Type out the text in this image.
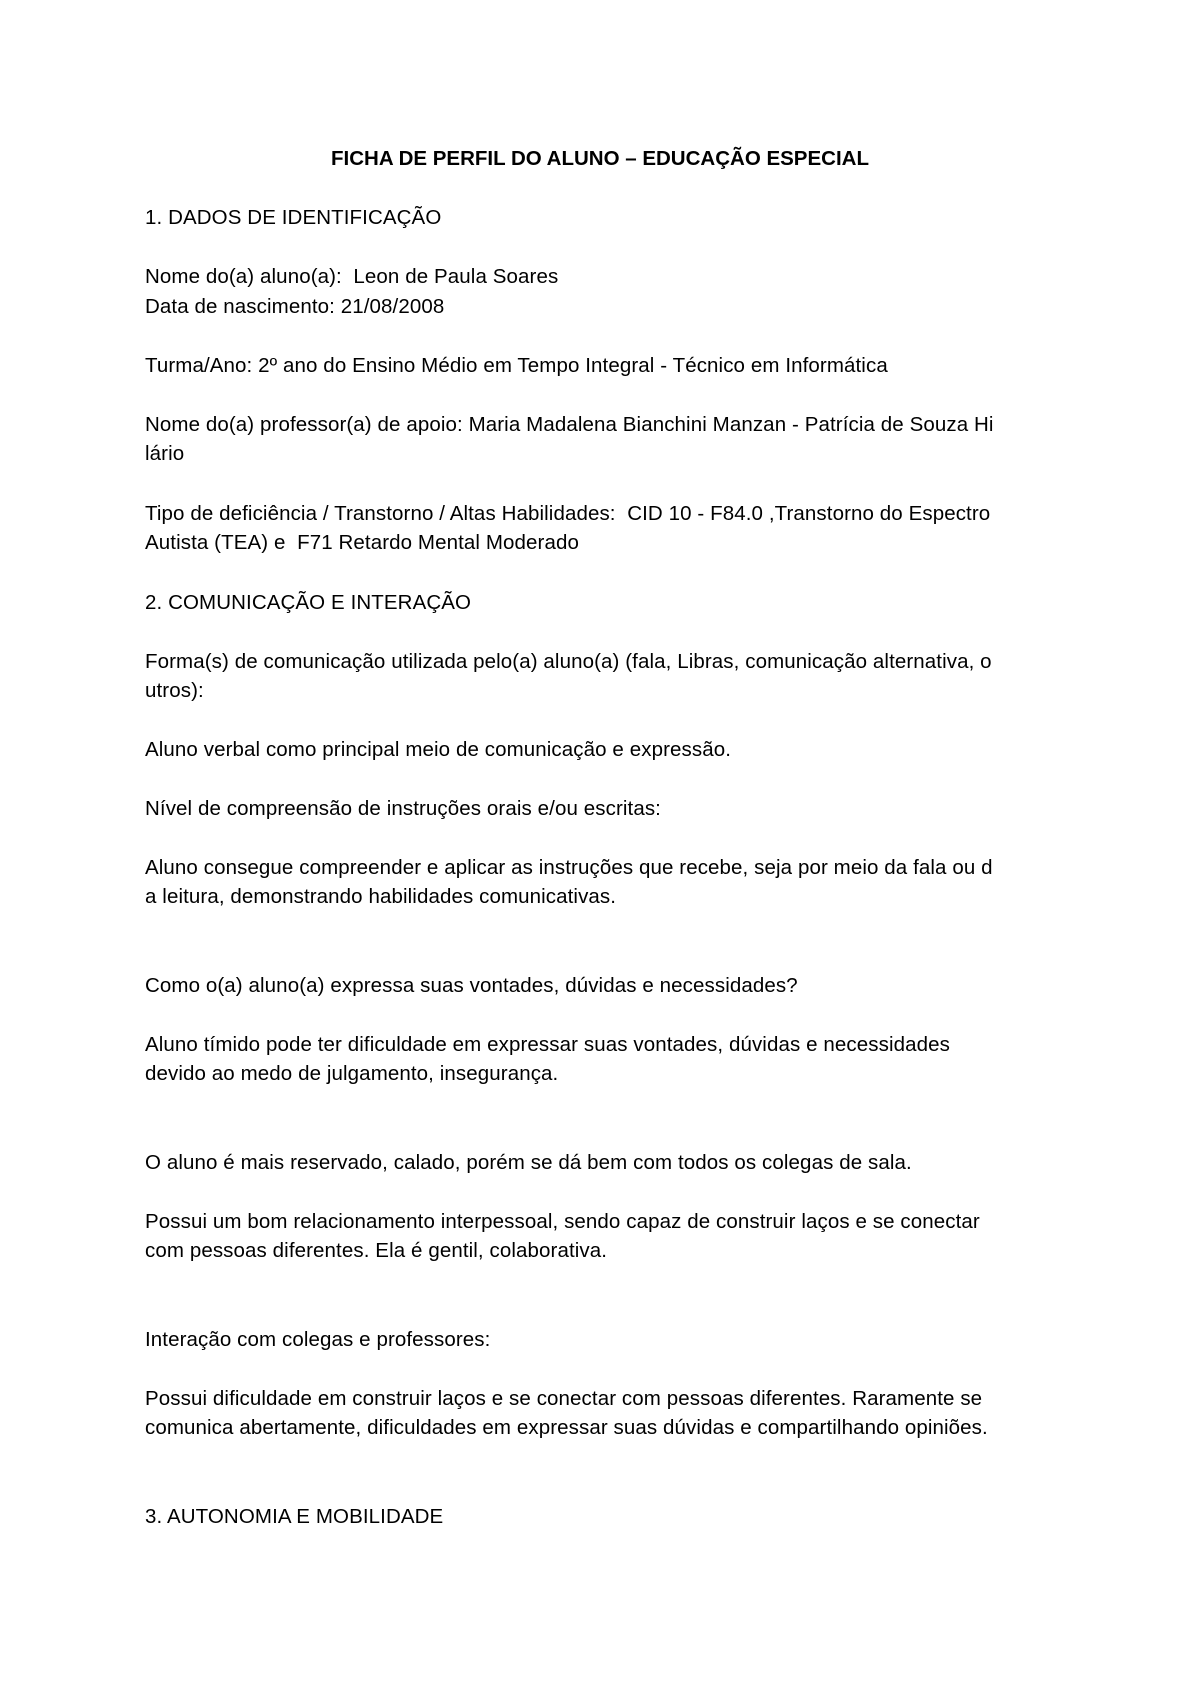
FICHA DE PERFIL DO ALUNO – EDUCAÇÃO ESPECIAL
1. DADOS DE IDENTIFICAÇÃO
Nome do(a) aluno(a):  Leon de Paula Soares
Data de nascimento: 21/08/2008
Turma/Ano: 2º ano do Ensino Médio em Tempo Integral - Técnico em Informática
Nome do(a) professor(a) de apoio: Maria Madalena Bianchini Manzan - Patrícia de Souza Hi
lário
Tipo de deficiência / Transtorno / Altas Habilidades:  CID 10 - F84.0 ,Transtorno do Espectro
Autista (TEA) e  F71 Retardo Mental Moderado
2. COMUNICAÇÃO E INTERAÇÃO
Forma(s) de comunicação utilizada pelo(a) aluno(a) (fala, Libras, comunicação alternativa, o
utros):
Aluno verbal como principal meio de comunicação e expressão.
Nível de compreensão de instruções orais e/ou escritas:
Aluno consegue compreender e aplicar as instruções que recebe, seja por meio da fala ou d
a leitura, demonstrando habilidades comunicativas.
Como o(a) aluno(a) expressa suas vontades, dúvidas e necessidades?
Aluno tímido pode ter dificuldade em expressar suas vontades, dúvidas e necessidades
devido ao medo de julgamento, insegurança.
O aluno é mais reservado, calado, porém se dá bem com todos os colegas de sala.
Possui um bom relacionamento interpessoal, sendo capaz de construir laços e se conectar
com pessoas diferentes. Ela é gentil, colaborativa.
Interação com colegas e professores:
Possui dificuldade em construir laços e se conectar com pessoas diferentes. Raramente se
comunica abertamente, dificuldades em expressar suas dúvidas e compartilhando opiniões.
3. AUTONOMIA E MOBILIDADE
